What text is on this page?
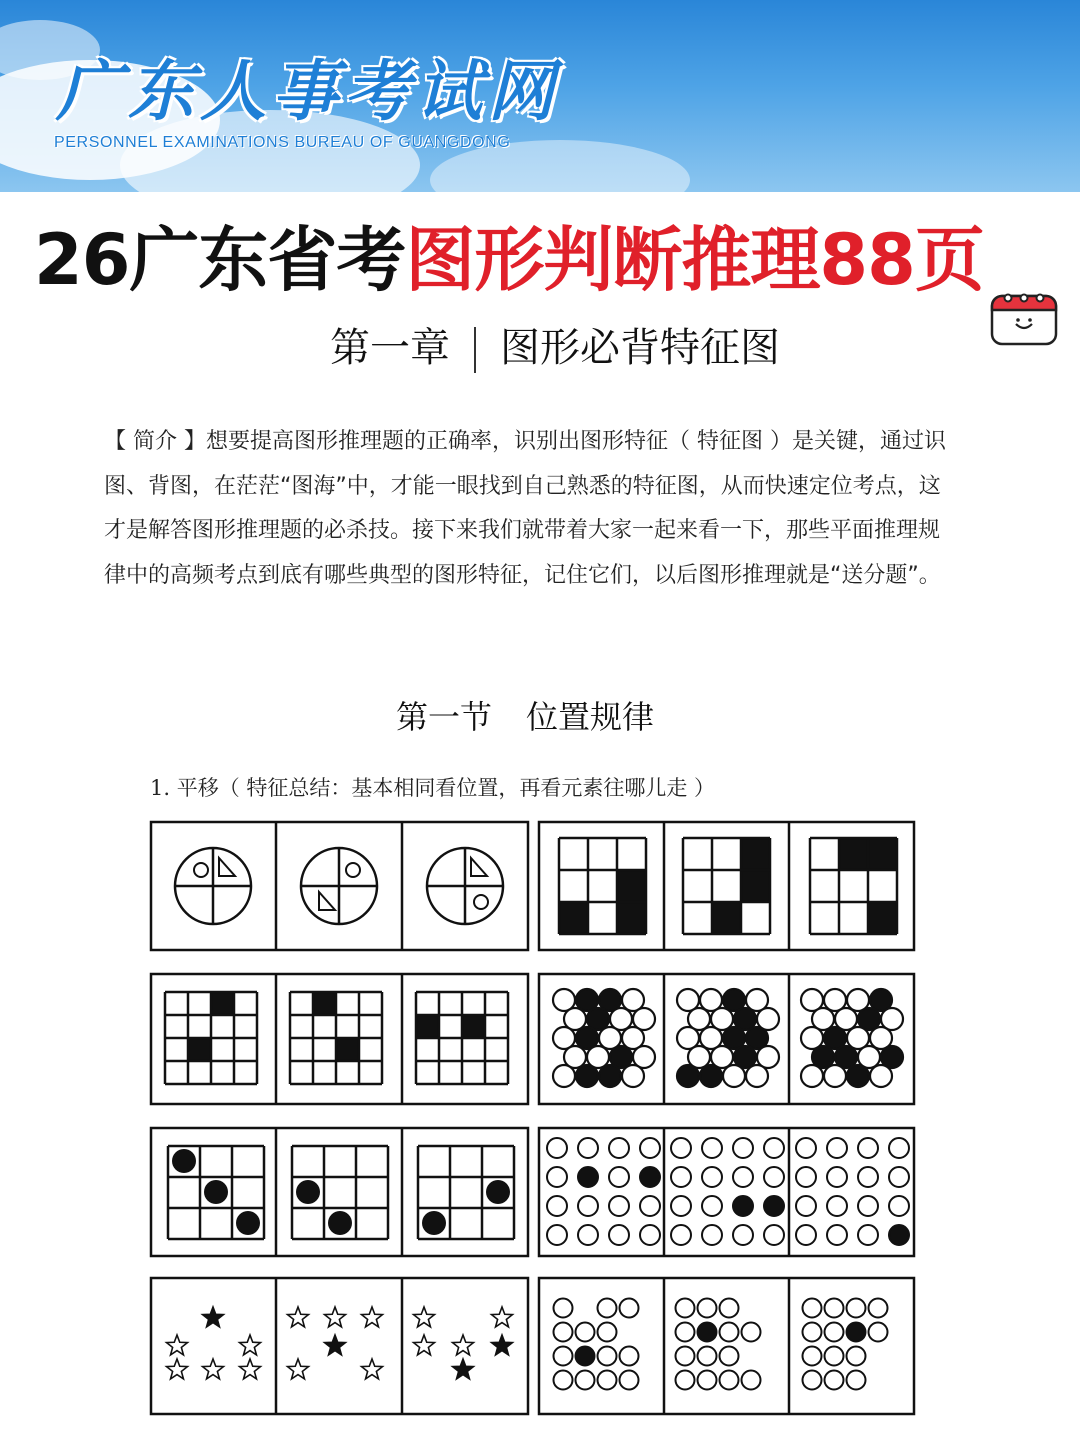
广东人事考试网
PERSONNEL EXAMINATIONS BUREAU OF GUANGDONG
26广东省考图形判断推理88页
第一章 图形必背特征图
【 简介 】想要提高图形推理题的正确率，识别出图形特征（ 特征图 ）是关键，通过识图、背图，在茫茫“图海”中，才能一眼找到自己熟悉的特征图，从而快速定位考点，这才是解答图形推理题的必杀技。接下来我们就带着大家一起来看一下，那些平面推理规律中的高频考点到底有哪些典型的图形特征，记住它们，以后图形推理就是“送分题”。
第一节 位置规律
1. 平移（ 特征总结：基本相同看位置，再看元素往哪儿走 ）
